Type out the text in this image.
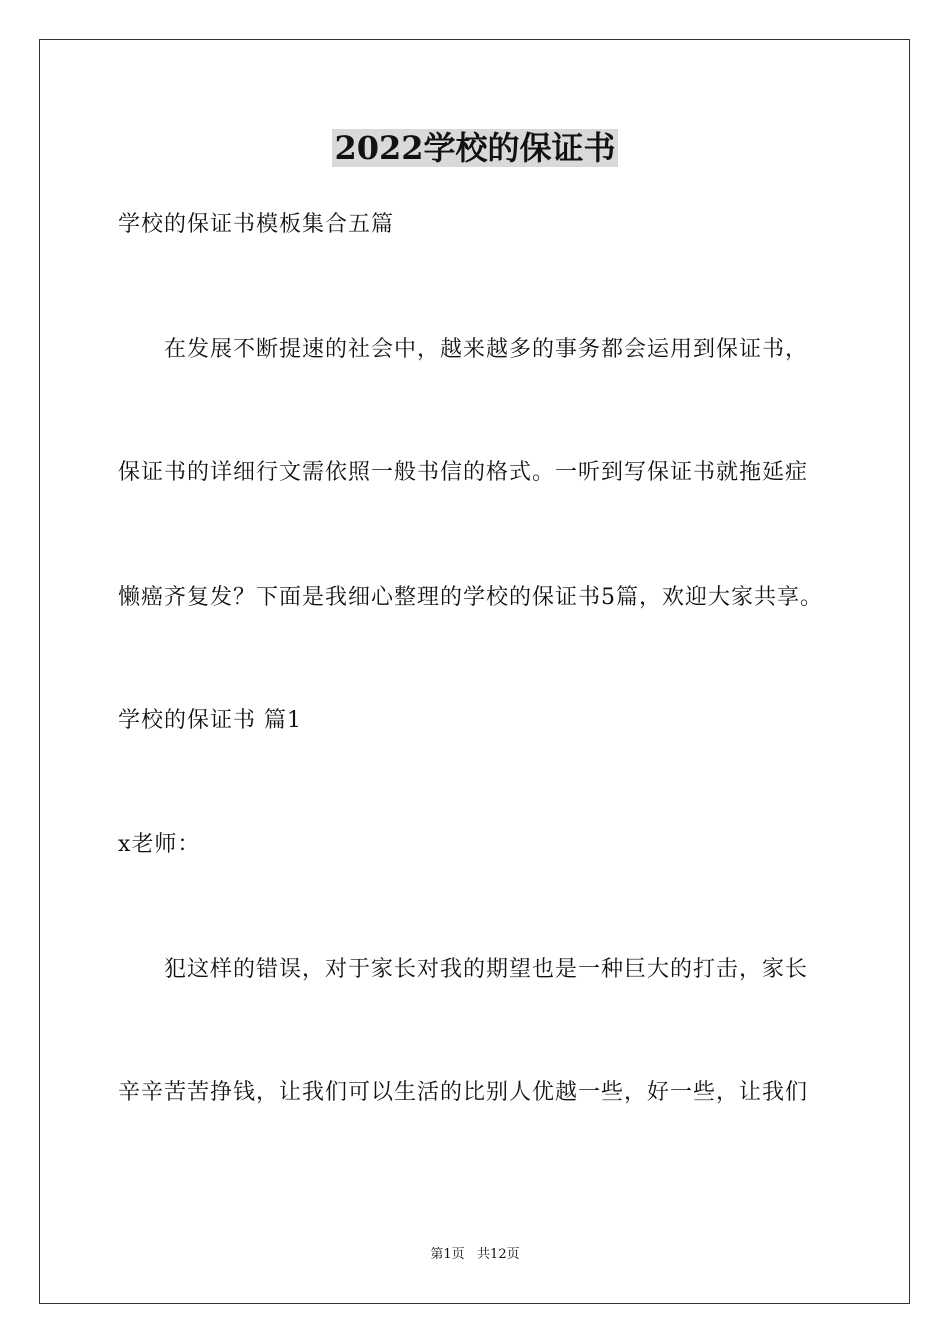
2022学校的保证书
学校的保证书模板集合五篇
在发展不断提速的社会中，越来越多的事务都会运用到保证书，
保证书的详细行文需依照一般书信的格式。一听到写保证书就拖延症
懒癌齐复发？下面是我细心整理的学校的保证书5篇，欢迎大家共享。
学校的保证书 篇1
x老师：
犯这样的错误，对于家长对我的期望也是一种巨大的打击，家长
辛辛苦苦挣钱，让我们可以生活的比别人优越一些，好一些，让我们
第1页   共12页
